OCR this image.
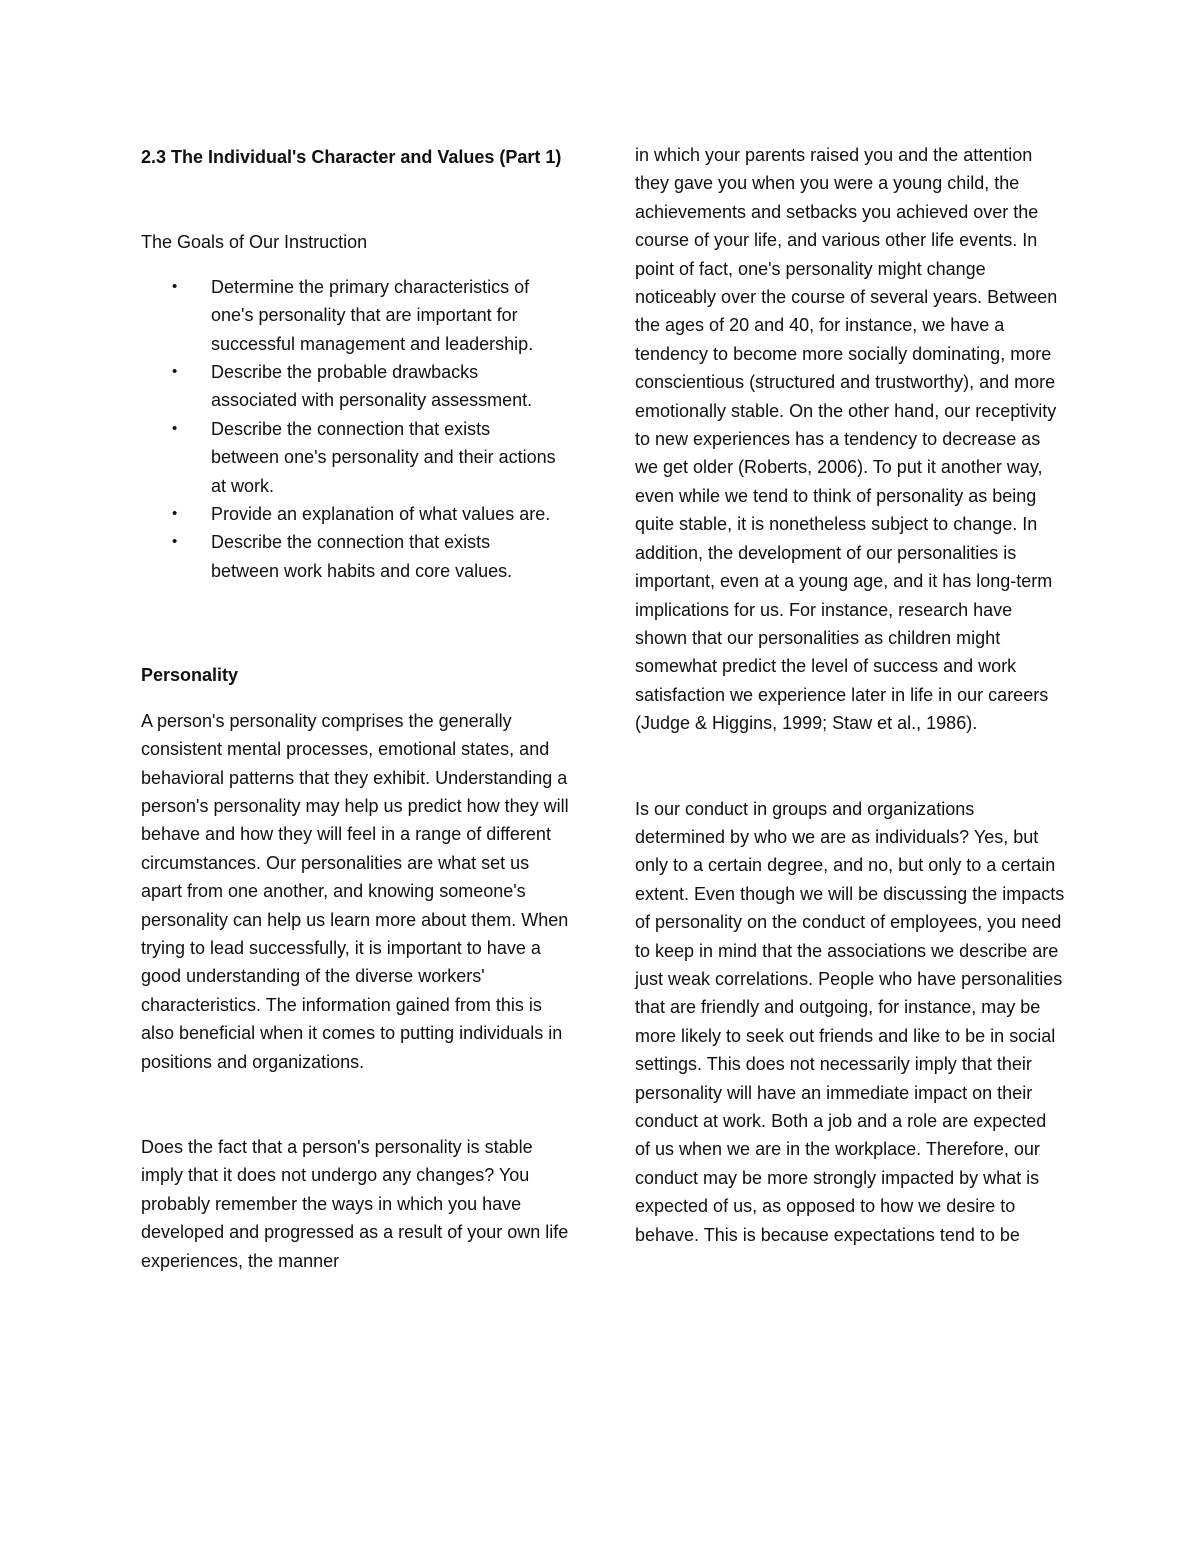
2.3 The Individual's Character and Values (Part 1)
The Goals of Our Instruction
• Determine the primary characteristics of one's personality that are important for successful management and leadership.
• Describe the probable drawbacks associated with personality assessment.
• Describe the connection that exists between one's personality and their actions at work.
• Provide an explanation of what values are.
• Describe the connection that exists between work habits and core values.
Personality

A person's personality comprises the generally consistent mental processes, emotional states, and behavioral patterns that they exhibit. Understanding a person's personality may help us predict how they will behave and how they will feel in a range of different circumstances. Our personalities are what set us apart from one another, and knowing someone's personality can help us learn more about them. When trying to lead successfully, it is important to have a good understanding of the diverse workers' characteristics. The information gained from this is also beneficial when it comes to putting individuals in positions and organizations.

Does the fact that a person's personality is stable imply that it does not undergo any changes? You probably remember the ways in which you have developed and progressed as a result of your own life experiences, the manner

in which your parents raised you and the attention they gave you when you were a young child, the achievements and setbacks you achieved over the course of your life, and various other life events. In point of fact, one's personality might change noticeably over the course of several years. Between the ages of 20 and 40, for instance, we have a tendency to become more socially dominating, more conscientious (structured and trustworthy), and more emotionally stable. On the other hand, our receptivity to new experiences has a tendency to decrease as we get older (Roberts, 2006). To put it another way, even while we tend to think of personality as being quite stable, it is nonetheless subject to change. In addition, the development of our personalities is important, even at a young age, and it has long-term implications for us. For instance, research have shown that our personalities as children might somewhat predict the level of success and work satisfaction we experience later in life in our careers (Judge & Higgins, 1999; Staw et al., 1986).

Is our conduct in groups and organizations determined by who we are as individuals? Yes, but only to a certain degree, and no, but only to a certain extent. Even though we will be discussing the impacts of personality on the conduct of employees, you need to keep in mind that the associations we describe are just weak correlations. People who have personalities that are friendly and outgoing, for instance, may be more likely to seek out friends and like to be in social settings. This does not necessarily imply that their personality will have an immediate impact on their conduct at work. Both a job and a role are expected of us when we are in the workplace. Therefore, our conduct may be more strongly impacted by what is expected of us, as opposed to how we desire to behave. This is because expectations tend to be
